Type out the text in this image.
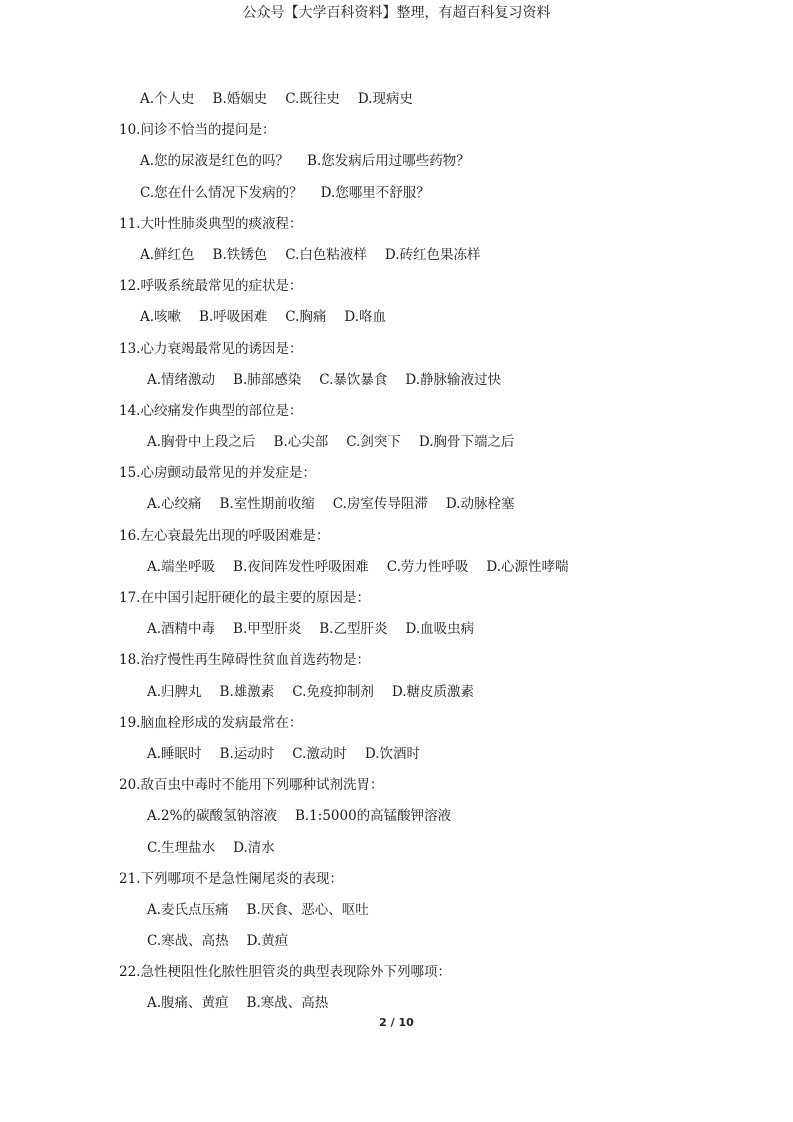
公众号【大学百科资料】整理，有超百科复习资料
A.个人史 B.婚姻史 C.既往史 D.现病史
10.问诊不恰当的提问是：
A.您的尿液是红色的吗？ B.您发病后用过哪些药物？
C.您在什么情况下发病的？ D.您哪里不舒服？
11.大叶性肺炎典型的痰液程：
A.鲜红色 B.铁锈色 C.白色粘液样 D.砖红色果冻样
12.呼吸系统最常见的症状是：
A.咳嗽 B.呼吸困难 C.胸痛 D.咯血
13.心力衰竭最常见的诱因是：
A.情绪激动 B.肺部感染 C.暴饮暴食 D.静脉输液过快
14.心绞痛发作典型的部位是：
A.胸骨中上段之后 B.心尖部 C.剑突下 D.胸骨下端之后
15.心房颤动最常见的并发症是：
A.心绞痛 B.室性期前收缩 C.房室传导阻滞 D.动脉栓塞
16.左心衰最先出现的呼吸困难是：
A.端坐呼吸 B.夜间阵发性呼吸困难 C.劳力性呼吸 D.心源性哮喘
17.在中国引起肝硬化的最主要的原因是：
A.酒精中毒 B.甲型肝炎 B.乙型肝炎 D.血吸虫病
18.治疗慢性再生障碍性贫血首选药物是：
A.归脾丸 B.雄激素 C.免疫抑制剂 D.糖皮质激素
19.脑血栓形成的发病最常在：
A.睡眠时 B.运动时 C.激动时 D.饮酒时
20.敌百虫中毒时不能用下列哪种试剂洗胃：
A.2%的碳酸氢钠溶液 B.1:5000的高锰酸钾溶液
C.生理盐水 D.清水
21.下列哪项不是急性阑尾炎的表现：
A.麦氏点压痛 B.厌食、恶心、呕吐
C.寒战、高热 D.黄疸
22.急性梗阻性化脓性胆管炎的典型表现除外下列哪项：
A.腹痛、黄疸 B.寒战、高热
2 / 10
